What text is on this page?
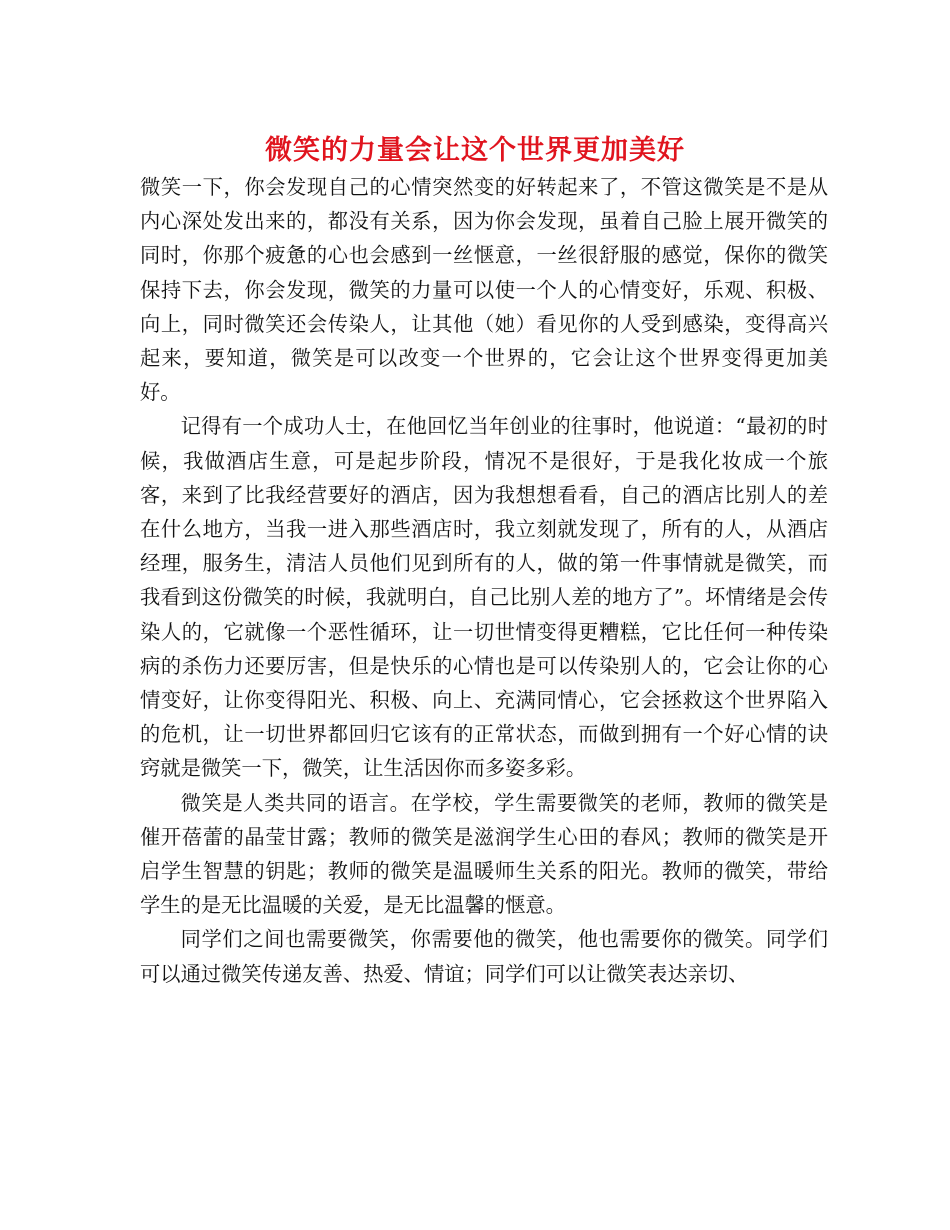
微笑的力量会让这个世界更加美好

微笑一下，你会发现自己的心情突然变的好转起来了，不管这微笑是不是从内心深处发出来的，都没有关系，因为你会发现，虽着自己脸上展开微笑的同时，你那个疲惫的心也会感到一丝惬意，一丝很舒服的感觉，保你的微笑保持下去，你会发现，微笑的力量可以使一个人的心情变好，乐观、积极、向上，同时微笑还会传染人，让其他（她）看见你的人受到感染，变得高兴起来，要知道，微笑是可以改变一个世界的，它会让这个世界变得更加美好。

记得有一个成功人士，在他回忆当年创业的往事时，他说道：“最初的时候，我做酒店生意，可是起步阶段，情况不是很好，于是我化妆成一个旅客，来到了比我经营要好的酒店，因为我想想看看，自己的酒店比别人的差在什么地方，当我一进入那些酒店时，我立刻就发现了，所有的人，从酒店经理，服务生，清洁人员他们见到所有的人，做的第一件事情就是微笑，而我看到这份微笑的时候，我就明白，自己比别人差的地方了”。坏情绪是会传染人的，它就像一个恶性循环，让一切世情变得更糟糕，它比任何一种传染病的杀伤力还要厉害，但是快乐的心情也是可以传染别人的，它会让你的心情变好，让你变得阳光、积极、向上、充满同情心，它会拯救这个世界陷入的危机，让一切世界都回归它该有的正常状态，而做到拥有一个好心情的诀窍就是微笑一下，微笑，让生活因你而多姿多彩。

微笑是人类共同的语言。在学校，学生需要微笑的老师，教师的微笑是催开蓓蕾的晶莹甘露；教师的微笑是滋润学生心田的春风；教师的微笑是开启学生智慧的钥匙；教师的微笑是温暖师生关系的阳光。教师的微笑，带给学生的是无比温暖的关爱，是无比温馨的惬意。

同学们之间也需要微笑，你需要他的微笑，他也需要你的微笑。同学们可以通过微笑传递友善、热爱、情谊；同学们可以让微笑表达亲切、
